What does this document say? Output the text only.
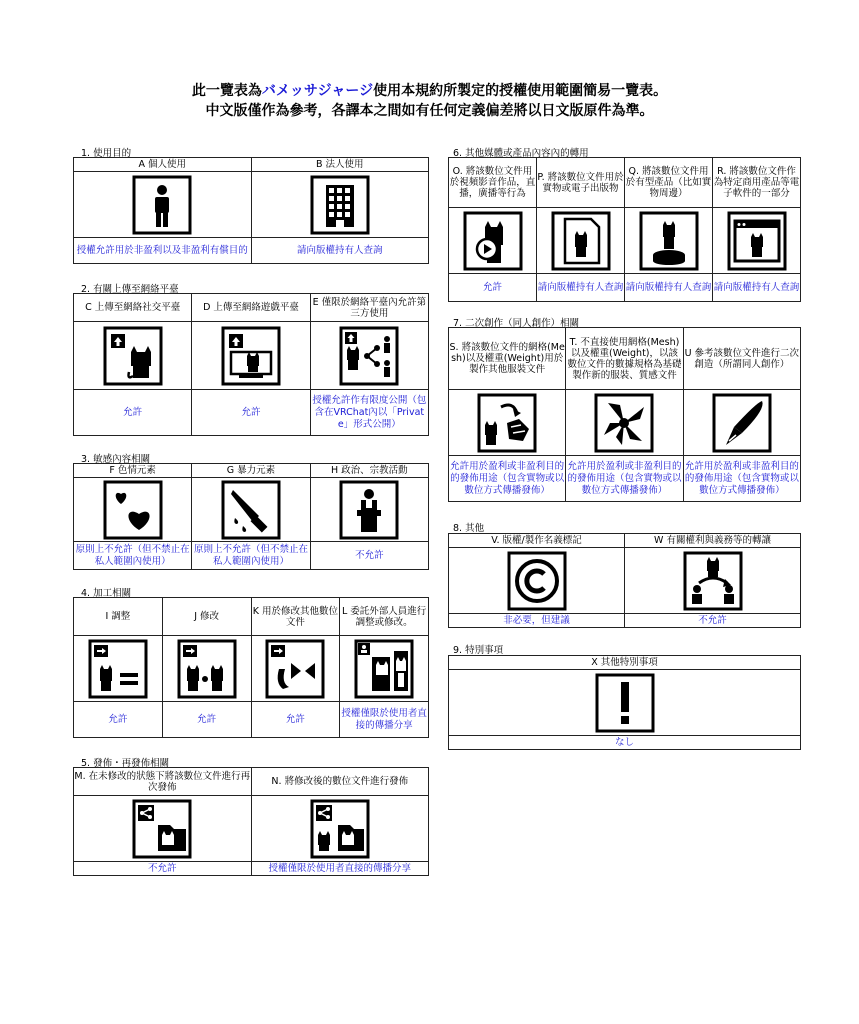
此一覽表為バメッサジャージ使用本規約所製定的授權使用範圍簡易一覽表。
中文版僅作為參考，各譯本之間如有任何定義偏差將以日文版原件為準。
1. 使用目的
2. 有關上傳至網絡平臺
3. 敏感內容相關
4. 加工相關
5. 發佈・再發佈相關
6. 其他媒體或產品內容內的轉用
7. 二次創作（同人創作）相關
8. 其他
9. 特別事項
A 個人使用	B 法人使用

授權允許用於非盈利以及非盈利有償目的	請向版權持有人查詢
C 上傳至網絡社交平臺	D 上傳至網絡遊戲平臺	E 僅限於網絡平臺內允許第三方使用

允許	允許	授權允許作有限度公開（包含在VRChat內以「Private」形式公開）
F 色情元素	G 暴力元素	H 政治、宗教活動

原則上不允許（但不禁止在私人範圍內使用）	原則上不允許（但不禁止在私人範圍內使用）	不允許
I 調整	J 修改	K 用於修改其他數位文件	L 委託外部人員進行調整或修改。

允許	允許	允許	授權僅限於使用者直接的傳播分享
M. 在未修改的狀態下將該數位文件進行再次發佈	N. 將修改後的數位文件進行發佈

不允許	授權僅限於使用者直接的傳播分享
O. 將該數位文件用於視頻影音作品，直播，廣播等行為	P. 將該數位文件用於實物或電子出版物	Q. 將該數位文件用於有型產品（比如實物周邊）	R. 將該數位文件作為特定商用產品等電子軟件的一部分

允許	請向版權持有人查詢	請向版權持有人查詢	請向版權持有人查詢
S. 將該數位文件的網格(Mesh)以及權重(Weight)用於製作其他服裝文件	T. 不直接使用網格(Mesh)以及權重(Weight)，以該數位文件的數據規格為基礎製作新的服裝、質感文件	U 參考該數位文件進行二次創造（所謂同人創作）

允許用於盈利或非盈利目的的發佈用途（包含實物或以數位方式傳播發佈）	允許用於盈利或非盈利目的的發佈用途（包含實物或以數位方式傳播發佈）	允許用於盈利或非盈利目的的發佈用途（包含實物或以數位方式傳播發佈）
V. 版權/製作名義標記	W 有關權利與義務等的轉讓

非必要，但建議	不允許
X 其他特別事項

なし
